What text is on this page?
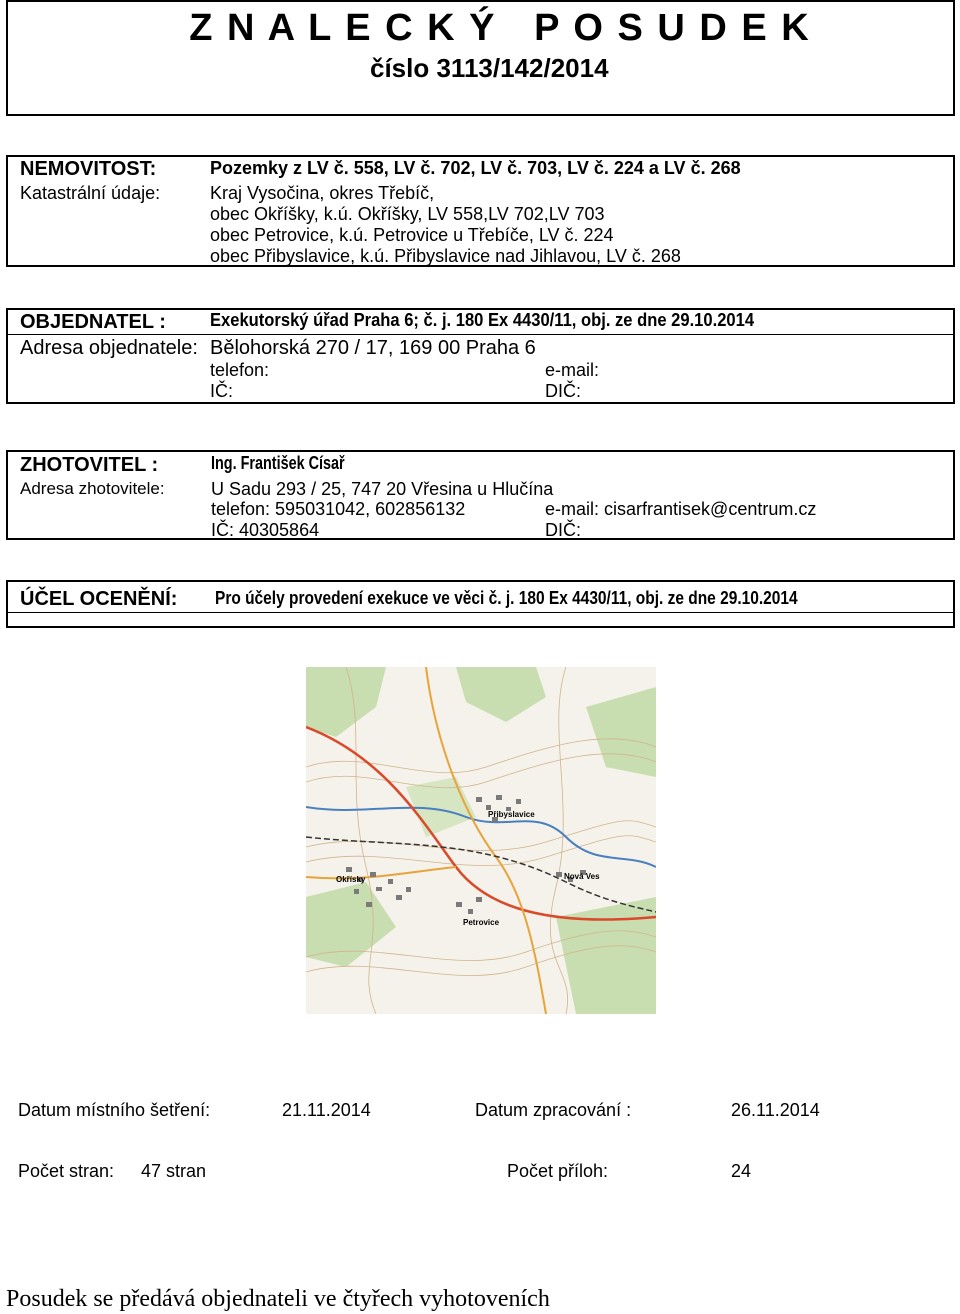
Z N A L E C K Ý   P O S U D E K
číslo 3113/142/2014
NEMOVITOST:	Pozemky z LV č. 558, LV č. 702, LV č. 703, LV č. 224 a LV č. 268
Katastrální údaje:	Kraj Vysočina, okres Třebíč,
obec Okříšky, k.ú. Okříšky, LV 558,LV 702,LV 703
obec Petrovice, k.ú. Petrovice u Třebíče, LV č. 224
obec Přibyslavice, k.ú. Přibyslavice nad Jihlavou, LV č. 268
OBJEDNATEL : Exekutorský úřad Praha 6; č. j. 180 Ex 4430/11, obj. ze dne 29.10.2014
Adresa objednatele: Bělohorská 270 / 17, 169 00 Praha 6
telefon:	e-mail:
IČ:	DIČ:
ZHOTOVITEL :	Ing. František Císař
Adresa zhotovitele:	U Sadu 293 / 25, 747 20 Vřesina u Hlučína
telefon: 595031042, 602856132	e-mail: cisarfrantisek@centrum.cz
IČ: 40305864	DIČ:
ÚČEL OCENĚNÍ: Pro účely provedení exekuce ve věci č. j. 180 Ex 4430/11, obj. ze dne 29.10.2014
Přibyslavice
Okřísky
Petrovice
Nová Ves
Datum místního šetření:	21.11.2014	Datum zpracování :	26.11.2014
Počet stran: 47 stran	Počet příloh:	24
Posudek se předává objednateli ve čtyřech vyhotoveních
